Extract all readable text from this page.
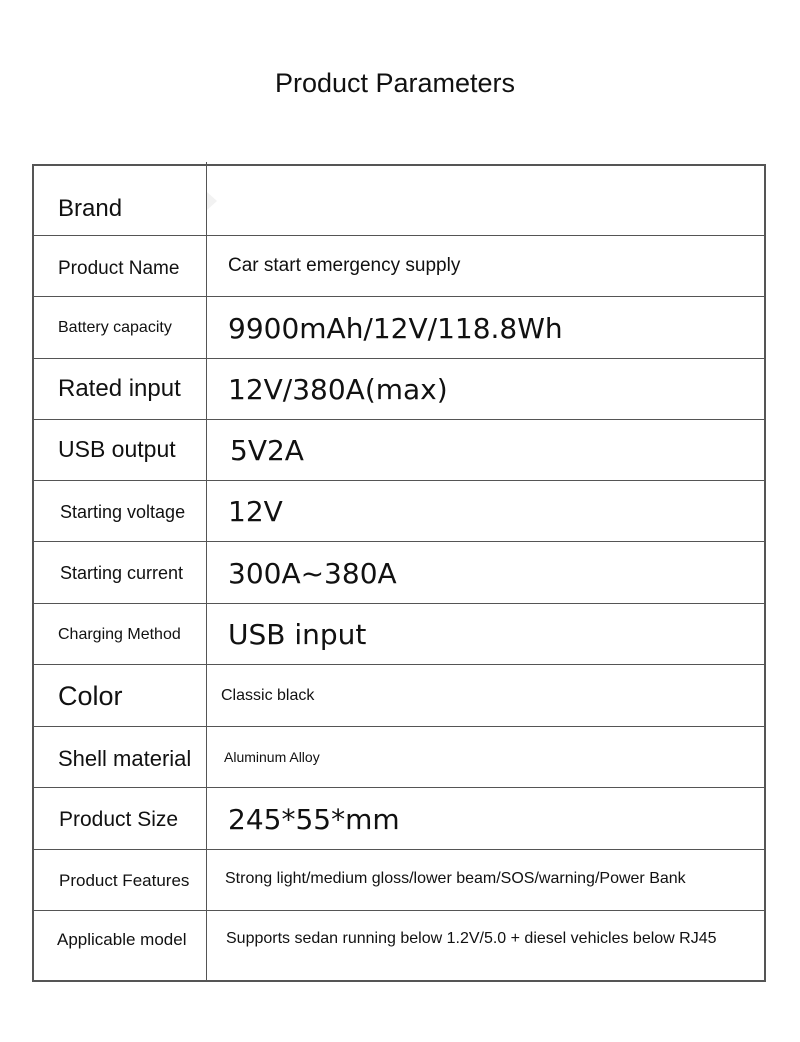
Product Parameters
Brand
Product Name	Car start emergency supply
Battery capacity 9900mAh/12V/118.8Wh
Rated input 12V/380A(max)
USB output 5V2A
Starting voltage 12V
Starting current 300A~380A
Charging Method USB input
Color	Classic black
Shell material Aluminum Alloy
Product Size 245*55*mm
Product Features Strong light/medium gloss/lower beam/SOS/warning/Power Bank
Applicable model Supports sedan running below 1.2V/5.0 + diesel vehicles below RJ45
